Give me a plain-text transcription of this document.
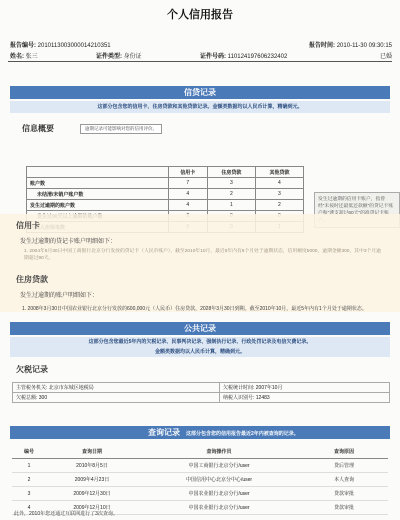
个人信用报告
报告编号: 2010113003000014210351	报告时间: 2010-11-30 09:30:15
姓名: 张三	证件类型: 身份证	证件号码: 110124197606232402	已婚
信贷记录
这部分包含您的信用卡、住房贷款和其他贷款记录。金额类数据均以人民币计算，精确到元。
信息概要	逾期记录可能影响对您的信用评价。
	信用卡	住房贷款	其他贷款
账户数	7	3	4
未结清/未销户账户数	4	2	3
发生过逾期的账户数	4	1	2

发生过逾期的信用卡账户，指曾经“未按时还最低还款额”的贷记卡账
信用卡
发生过逾期的贷记卡账户明细如下：
1. 2004年5月30日中国工商银行北京分行发放的贷记卡（人民币账户），截至2010年10月，最近5年内有6个月处于逾期状态，信用额度5000，逾期金额300，其中3个月逾期超过90天。
住房贷款
发生过逾期的账户明细如下：
1. 2008年3月30日中国农业银行北京分行发放的600,000元（人民币）住房贷款，2028年3月30日到期。截至2010年10月，最近5年内有1个月处于逾期状态。
公共记录
这部分包含您最近5年内的欠税记录、民事判决记录、强制执行记录、行政处罚记录及电信欠费记录。
金额类数据均以人民币计算，精确到元。
欠税记录
主管税务机关: 北京市东城区地税局	欠税统计时间: 2007年10月
欠税总额: 300	纳税人识别号: 12483
查询记录 这部分包含您的信用报告最近2年内被查询的记录。
编号	查询日期	查询操作员	查询原因
1	2010年8月5日	中国工商银行北京分行/user	贷后管理
2	2009年4月23日	中国信用中心北京分中心/user	本人查询
3	2009年12月30日	中国农业银行北京分行/user	贷款审批
4	2009年12月10日	中国农业银行北京分行/user	贷款审批
此外，2010年您还通过互联网进行了3次查询。
